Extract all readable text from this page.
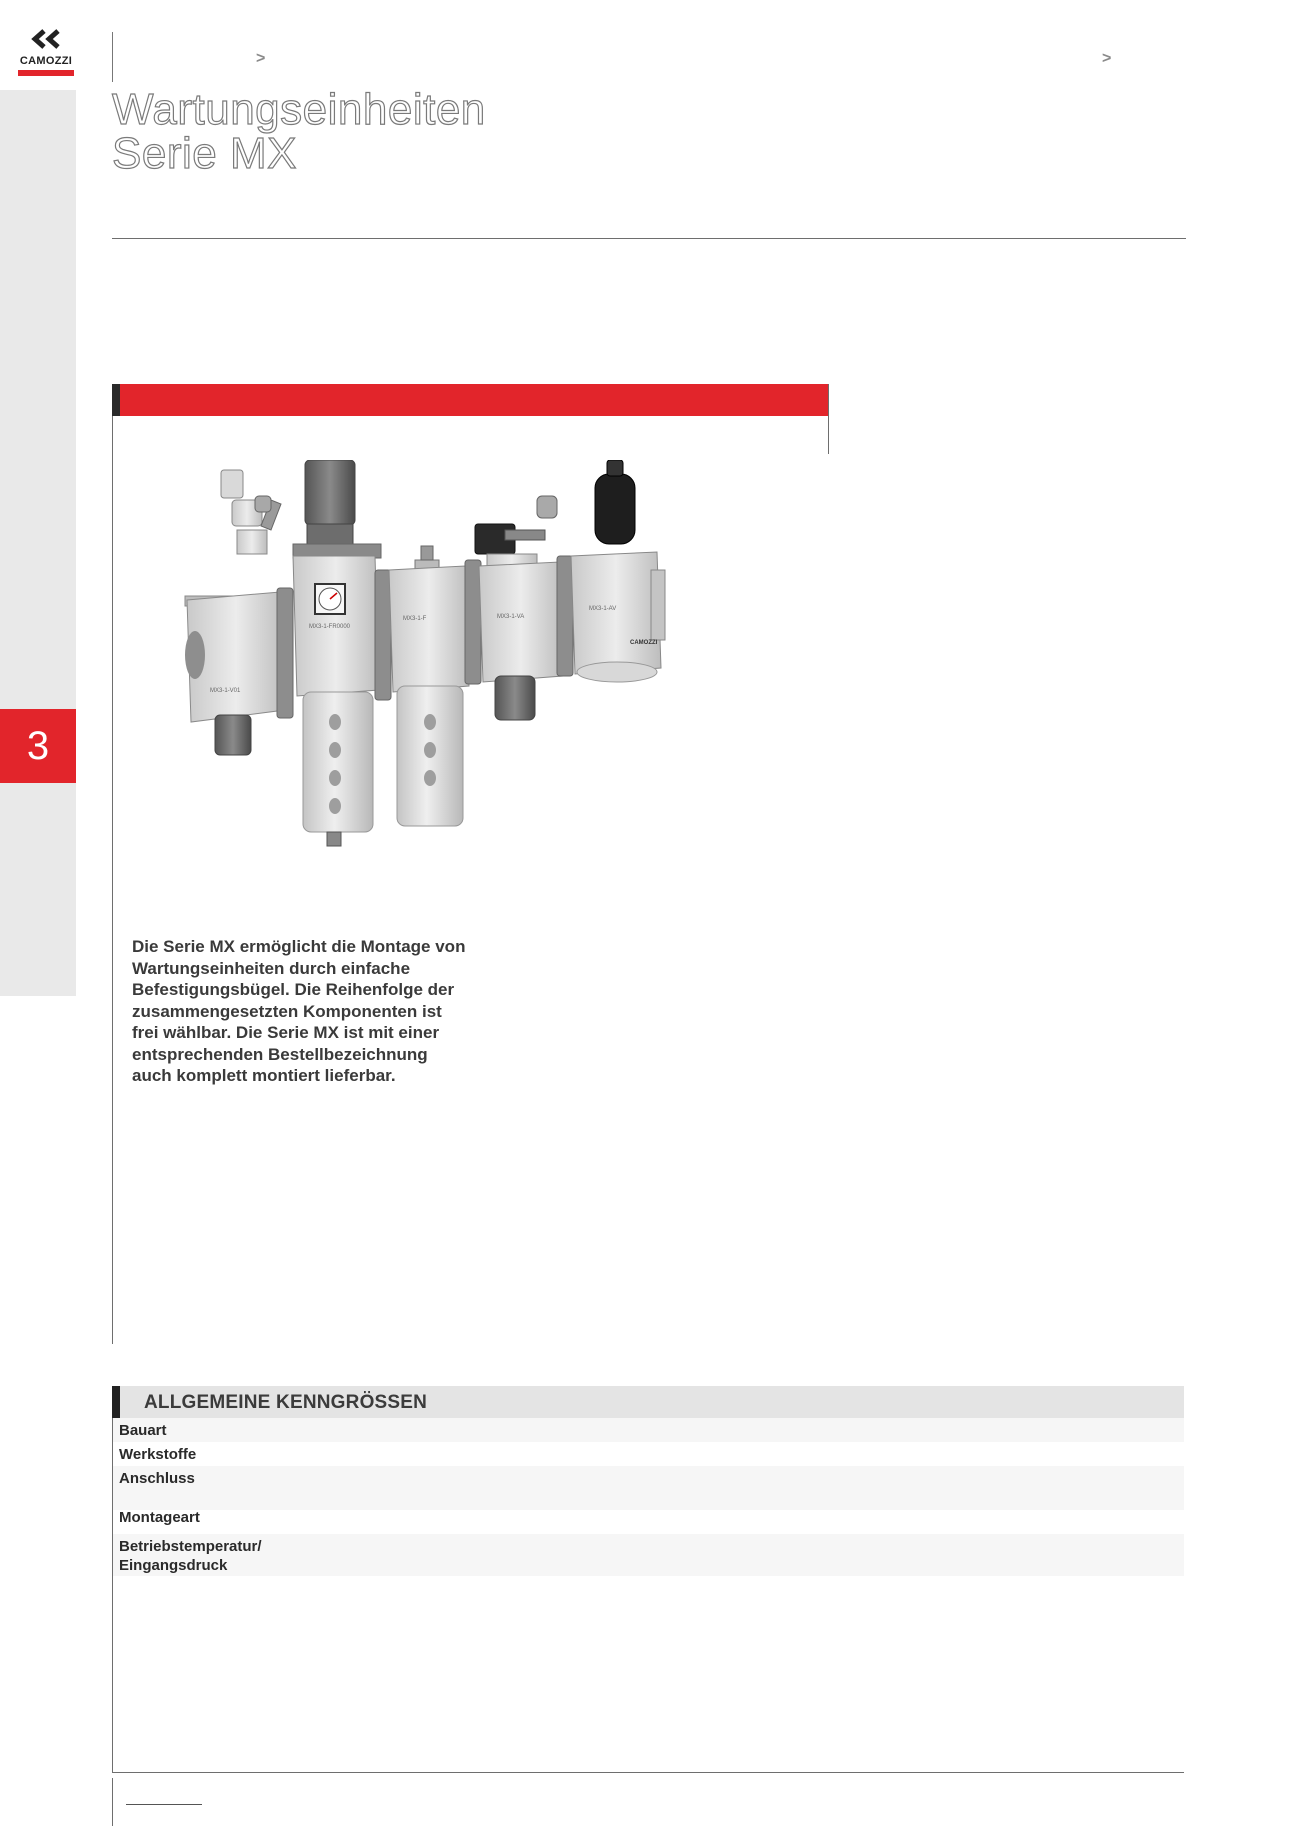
CAMOZZI	>	>
3
Wartungseinheiten
Serie MX
MX3-1-V01
MX3-1-FR0000
MX3-1-F	MX3-1-VA
MX3-1-AV
CAMOZZI
Die Serie MX ermöglicht die Montage von Wartungseinheiten durch einfache Befestigungsbügel. Die Reihenfolge der zusammengesetzten Komponenten ist frei wählbar. Die Serie MX ist mit einer entsprechenden Bestellbezeichnung auch komplett montiert lieferbar.
ALLGEMEINE KENNGRÖSSEN
Bauart
Werkstoffe
Anschluss
Montageart
Betriebstemperatur/
Eingangsdruck
